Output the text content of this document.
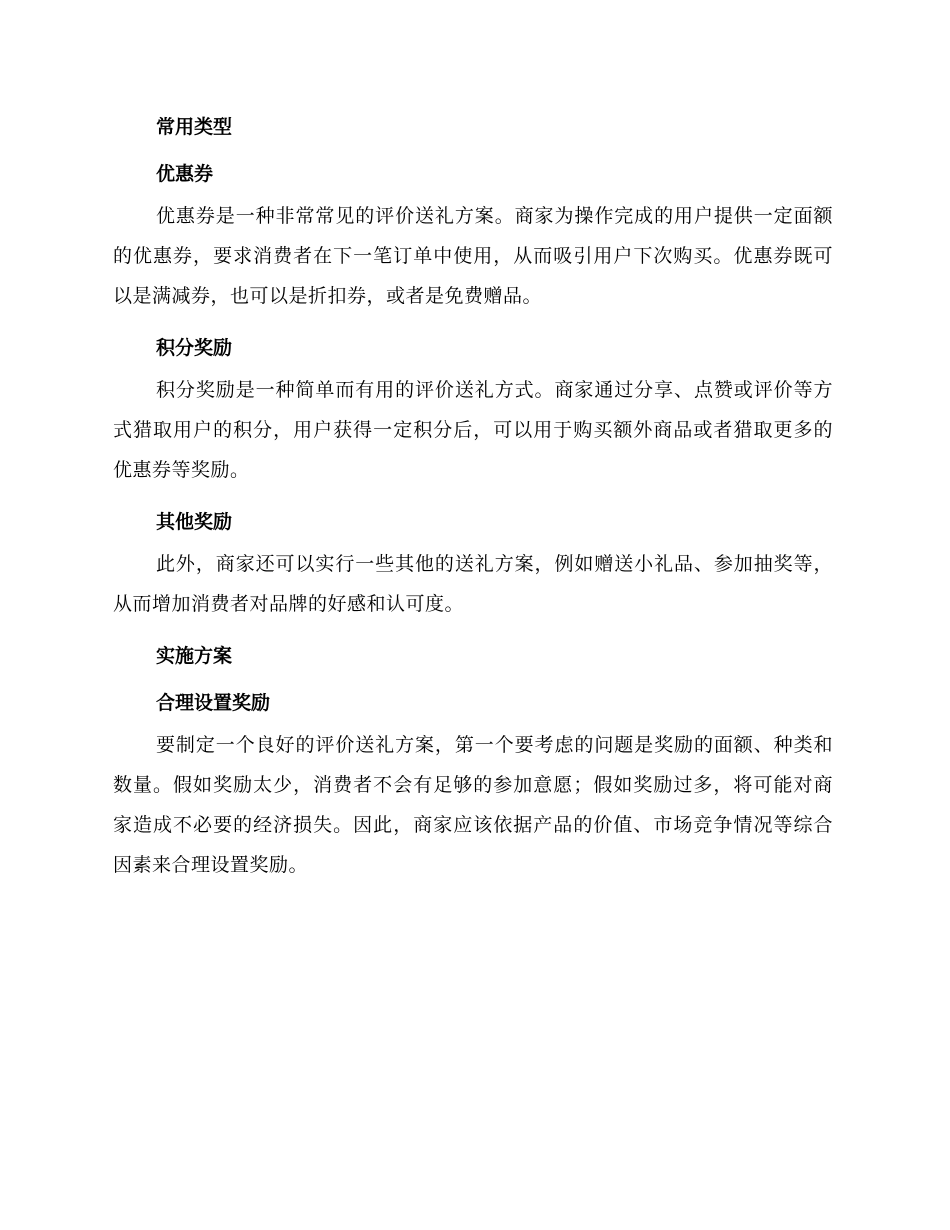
常用类型
优惠券

优惠券是一种非常常见的评价送礼方案。商家为操作完成的用户提供一定面额的优惠券，要求消费者在下一笔订单中使用，从而吸引用户下次购买。优惠券既可以是满减券，也可以是折扣券，或者是免费赠品。

积分奖励

积分奖励是一种简单而有用的评价送礼方式。商家通过分享、点赞或评价等方式猎取用户的积分，用户获得一定积分后，可以用于购买额外商品或者猎取更多的优惠券等奖励。

其他奖励

此外，商家还可以实行一些其他的送礼方案，例如赠送小礼品、参加抽奖等，从而增加消费者对品牌的好感和认可度。

实施方案
合理设置奖励

要制定一个良好的评价送礼方案，第一个要考虑的问题是奖励的面额、种类和数量。假如奖励太少，消费者不会有足够的参加意愿；假如奖励过多，将可能对商家造成不必要的经济损失。因此，商家应该依据产品的价值、市场竞争情况等综合因素来合理设置奖励。
